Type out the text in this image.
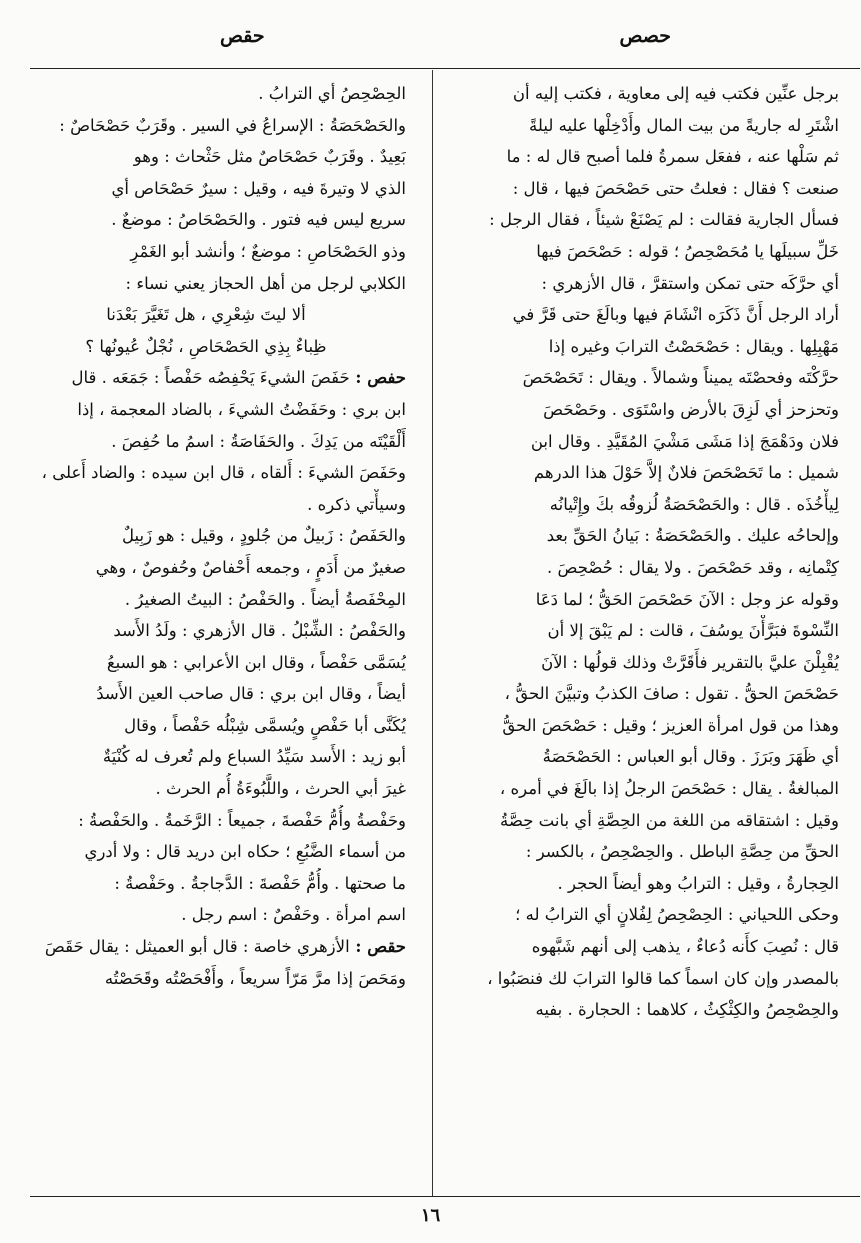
حصص
حقص
برجل عنِّين فكتب فيه إلى معاوية ، فكتب إليه أن
اشْتَرِ له جاريةً من بيت المال وأَدْخِلْها عليه ليلةً
ثم سَلْها عنه ، ففعَل سمرةُ فلما أصبح قال له : ما
صنعت ؟ فقال : فعلتُ حتى حَصْحَصَ فيها ، قال :
فسأل الجارية فقالت : لم يَصْنَعْ شيئاً ، فقال الرجل :
خَلِّ سبيلَها يا مُحَصْحِصُ ؛ قوله : حَصْحَصَ فيها
أي حرَّكَه حتى تمكن واستقرَّ ، قال الأزهري :
أراد الرجل أَنَّ ذَكَرَه انْشَامَ فيها وبالَغَ حتى قَرَّ في
مَهْبِلِها . ويقال : حَصْحَصْتُ الترابَ وغيره إذا
حرَّكْتَه وفحصْتَه يميناً وشمالاً . ويقال : تَحَصْحَصَ
وتحزحز أي لَزِقَ بالأرض واسْتَوَى . وحَصْحَصَ
فلان ودَهْمَجَ إذا مَشَى مَشْيَ المُقَيَّدِ . وقال ابن
شميل : ما تَحَصْحَصَ فلانٌ إلاَّ حَوْلَ هذا الدرهم
لِيأْخُذَه . قال : والحَصْحَصَةُ لُزوقُه بكَ وإِتْيانُه
وإلحاحُه عليك . والحَصْحَصَةُ : بَيانُ الحَقِّ بعد
كِتْمانِه ، وقد حَصْحَصَ . ولا يقال : حُصْحِصَ .
وقوله عز وجل : الآنَ حَصْحَصَ الحَقُّ ؛ لما دَعَا
النِّسْوةَ فبَرَّأْنَ يوسُفَ ، قالت : لم يَبْقَ إلا أن
يُقْبِلْنَ عليَّ بالتقرير فأَقَرَّتْ وذلك قولُها : الآنَ
حَصْحَصَ الحقُّ . تقول : صافَ الكذبُ وتبيَّنَ الحقُّ ،
وهذا من قول امرأة العزيز ؛ وقيل : حَصْحَصَ الحقُّ
أي ظَهَرَ وبَرَزَ . وقال أبو العباس : الحَصْحَصَةُ
المبالغةُ . يقال : حَصْحَصَ الرجلُ إذا بالَغَ في أمره ،
وقيل : اشتقاقه من اللغة من الحِصَّةِ أي بانت حِصَّةُ
الحقِّ من حِصَّةِ الباطل . والحِصْحِصُ ، بالكسر :
الحِجارةُ ، وقيل : الترابُ وهو أيضاً الحجر .
وحكى اللحياني : الحِصْحِصُ لِفُلانٍ أي الترابُ له ؛
قال : نُصِبَ كأَنه دُعاءٌ ، يذهب إلى أنهم شَبَّهوه
بالمصدر وإن كان اسماً كما قالوا الترابَ لك فنصَبُوا ،
والحِصْحِصُ والكِثْكِثُ ، كلاهما : الحجارة . بفيه
الحِصْحِصُ أي الترابُ .
والحَصْحَصَةُ : الإسراعُ في السير . وقَرَبٌ حَصْحَاصٌ :
بَعِيدٌ . وقَرَبٌ حَصْحَاصٌ مثل حَثْحاث : وهو
الذي لا وتيرةَ فيه ، وقيل : سيرٌ حَصْحَاص أي
سريع ليس فيه فتور . والحَصْحَاصُ : موضعٌ .
وذو الحَصْحَاصِ : موضعٌ ؛ وأنشد أبو الغَمْرِ
الكلابي لرجل من أهل الحجاز يعني نساء :
ألا ليتَ شِعْرِي ، هل تَغَيَّرَ بَعْدَنا
ظِباءٌ بِذِي الحَصْحَاصِ ، نُجْلٌ عُيونُها ؟
حفص : حَفَصَ الشيءَ يَحْفِصُه حَفْصاً : جَمَعَه . قال
ابن بري : وحَفَضْتُ الشيءَ ، بالضاد المعجمة ، إذا
أَلْقَيْتَه من يَدِكَ . والحَفَاصَةُ : اسمُ ما حُفِصَ .
وحَفَصَ الشيءَ : أَلقاه ، قال ابن سيده : والضاد أَعلى ،
وسيأْتي ذكره .
والحَفَصُ : زَبيلٌ من جُلودٍ ، وقيل : هو زَبِيلٌ
صغيرٌ من أَدَمٍ ، وجمعه أَحْفاصٌ وحُفوصٌ ، وهي
المِحْفَصةُ أيضاً . والحَفْصُ : البيتُ الصغيرُ .
والحَفْصُ : الشِّبْلُ . قال الأزهري : ولَدُ الأَسد
يُسَمَّى حَفْصاً ، وقال ابن الأعرابي : هو السبعُ
أيضاً ، وقال ابن بري : قال صاحب العين الأَسدُ
يُكَنَّى أبا حَفْصٍ ويُسمَّى شِبْلُه حَفْصاً ، وقال
أبو زيد : الأَسد سَيِّدُ السباع ولم تُعرف له كُنْيَةٌ
غيرَ أبي الحرث ، واللَّبُوءَةُ أُم الحرث .
وحَفْصةُ وأُمُّ حَفْصةَ ، جميعاً : الرَّخَمةُ . والحَفْصةُ :
من أسماء الضَّبُعِ ؛ حكاه ابن دريد قال : ولا أدري
ما صحتها . وأُمُّ حَفْصةَ : الدَّجاجةُ . وحَفْصةُ :
اسم امرأة . وحَفْصٌ : اسم رجل .
حقص : الأزهري خاصة : قال أبو العميثل : يقال حَقَصَ
ومَحَصَ إذا مرَّ مَرّاً سريعاً ، وأَفْحَصْتُه وقَحَصْتُه
١٦
